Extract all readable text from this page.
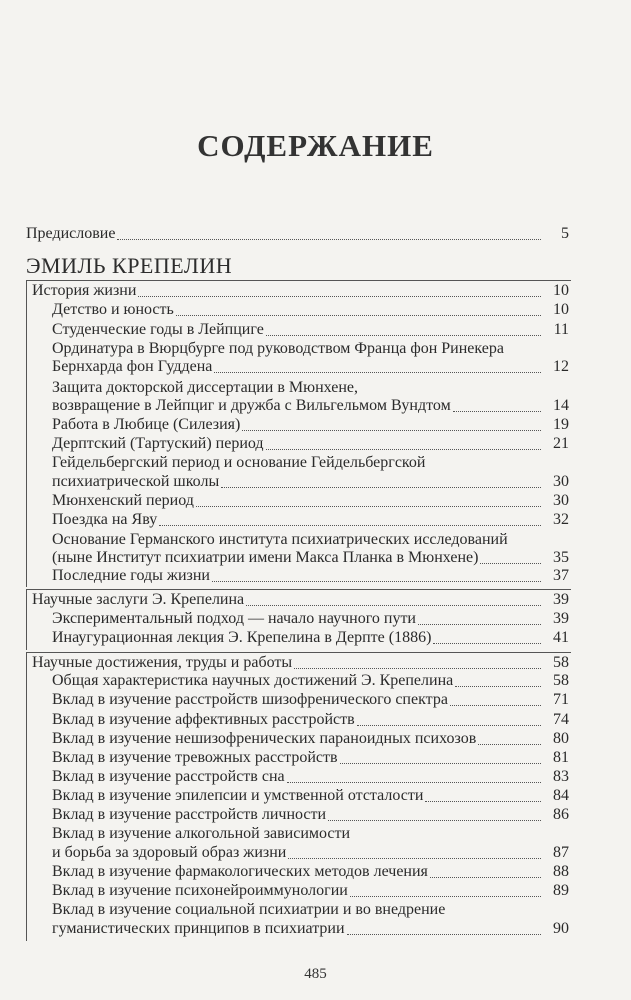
СОДЕРЖАНИЕ
Предисловие	5
ЭМИЛЬ КРЕПЕЛИН
История жизни	10
Детство и юность	10
Студенческие годы в Лейпциге	11
Ординатура в Вюрцбурге под руководством Франца фон Ринекера
Бернхарда фон Гуддена	12
Защита докторской диссертации в Мюнхене,
возвращение в Лейпциг и дружба с Вильгельмом Вундтом	14
Работа в Любице (Силезия)	19
Дерптский (Тартуский) период	21
Гейдельбергский период и основание Гейдельбергской
психиатрической школы	30
Мюнхенский период	30
Поездка на Яву	32
Основание Германского института психиатрических исследований
(ныне Институт психиатрии имени Макса Планка в Мюнхене)	35
Последние годы жизни	37
Научные заслуги Э. Крепелина	39
Экспериментальный подход — начало научного пути	39
Инаугурационная лекция Э. Крепелина в Дерпте (1886)	41
Научные достижения, труды и работы	58
Общая характеристика научных достижений Э. Крепелина	58
Вклад в изучение расстройств шизофренического спектра	71
Вклад в изучение аффективных расстройств	74
Вклад в изучение нешизофренических параноидных психозов	80
Вклад в изучение тревожных расстройств	81
Вклад в изучение расстройств сна	83
Вклад в изучение эпилепсии и умственной отсталости	84
Вклад в изучение расстройств личности	86
Вклад в изучение алкогольной зависимости
и борьба за здоровый образ жизни	87
Вклад в изучение фармакологических методов лечения	88
Вклад в изучение психонейроиммунологии	89
Вклад в изучение социальной психиатрии и во внедрение
гуманистических принципов в психиатрии	90
485
